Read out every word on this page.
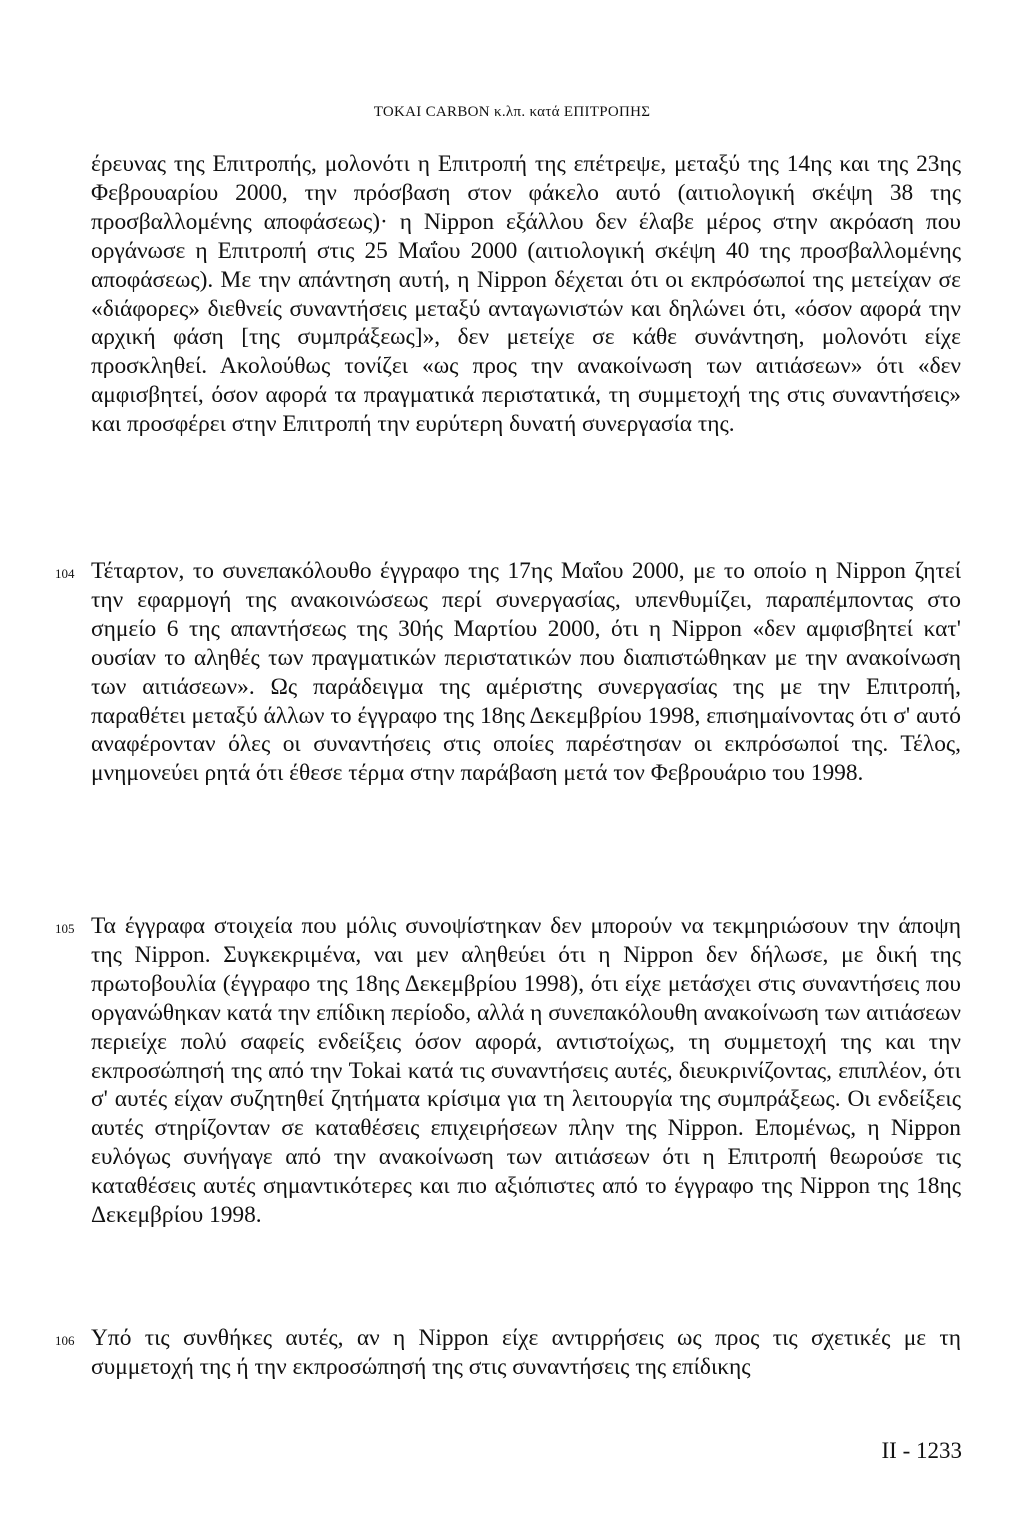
TOKAI CARBON κ.λπ. κατά ΕΠΙΤΡΟΠΗΣ

έρευνας της Επιτροπής, μολονότι η Επιτροπή της επέτρεψε, μεταξύ της 14ης και της 23ης Φεβρουαρίου 2000, την πρόσβαση στον φάκελο αυτό (αιτιολογική σκέψη 38 της προσβαλλομένης αποφάσεως)· η Nippon εξάλλου δεν έλαβε μέρος στην ακρόαση που οργάνωσε η Επιτροπή στις 25 Μαΐου 2000 (αιτιολογική σκέψη 40 της προσβαλλομένης αποφάσεως). Με την απάντηση αυτή, η Nippon δέχεται ότι οι εκπρόσωποί της μετείχαν σε «διάφορες» διεθνείς συναντήσεις μεταξύ ανταγωνιστών και δηλώνει ότι, «όσον αφορά την αρχική φάση [της συμπράξεως]», δεν μετείχε σε κάθε συνάντηση, μολονότι είχε προσκληθεί. Ακολούθως τονίζει «ως προς την ανακοίνωση των αιτιάσεων» ότι «δεν αμφισβητεί, όσον αφορά τα πραγματικά περιστατικά, τη συμμετοχή της στις συναντήσεις» και προσφέρει στην Επιτροπή την ευρύτερη δυνατή συνεργασία της.

104 Τέταρτον, το συνεπακόλουθο έγγραφο της 17ης Μαΐου 2000, με το οποίο η Nippon ζητεί την εφαρμογή της ανακοινώσεως περί συνεργασίας, υπενθυμίζει, παραπέμποντας στο σημείο 6 της απαντήσεως της 30ής Μαρτίου 2000, ότι η Nippon «δεν αμφισβητεί κατ' ουσίαν το αληθές των πραγματικών περιστατικών που διαπιστώθηκαν με την ανακοίνωση των αιτιάσεων». Ως παράδειγμα της αμέριστης συνεργασίας της με την Επιτροπή, παραθέτει μεταξύ άλλων το έγγραφο της 18ης Δεκεμβρίου 1998, επισημαίνοντας ότι σ' αυτό αναφέρονταν όλες οι συναντήσεις στις οποίες παρέστησαν οι εκπρόσωποί της. Τέλος, μνημονεύει ρητά ότι έθεσε τέρμα στην παράβαση μετά τον Φεβρουάριο του 1998.

105 Τα έγγραφα στοιχεία που μόλις συνοψίστηκαν δεν μπορούν να τεκμηριώσουν την άποψη της Nippon. Συγκεκριμένα, ναι μεν αληθεύει ότι η Nippon δεν δήλωσε, με δική της πρωτοβουλία (έγγραφο της 18ης Δεκεμβρίου 1998), ότι είχε μετάσχει στις συναντήσεις που οργανώθηκαν κατά την επίδικη περίοδο, αλλά η συνεπακόλουθη ανακοίνωση των αιτιάσεων περιείχε πολύ σαφείς ενδείξεις όσον αφορά, αντιστοίχως, τη συμμετοχή της και την εκπροσώπησή της από την Tokai κατά τις συναντήσεις αυτές, διευκρινίζοντας, επιπλέον, ότι σ' αυτές είχαν συζητηθεί ζητήματα κρίσιμα για τη λειτουργία της συμπράξεως. Οι ενδείξεις αυτές στηρίζονταν σε καταθέσεις επιχειρήσεων πλην της Nippon. Επομένως, η Nippon ευλόγως συνήγαγε από την ανακοίνωση των αιτιάσεων ότι η Επιτροπή θεωρούσε τις καταθέσεις αυτές σημαντικότερες και πιο αξιόπιστες από το έγγραφο της Nippon της 18ης Δεκεμβρίου 1998.

106 Υπό τις συνθήκες αυτές, αν η Nippon είχε αντιρρήσεις ως προς τις σχετικές με τη συμμετοχή της ή την εκπροσώπησή της στις συναντήσεις της επίδικης

II - 1233
